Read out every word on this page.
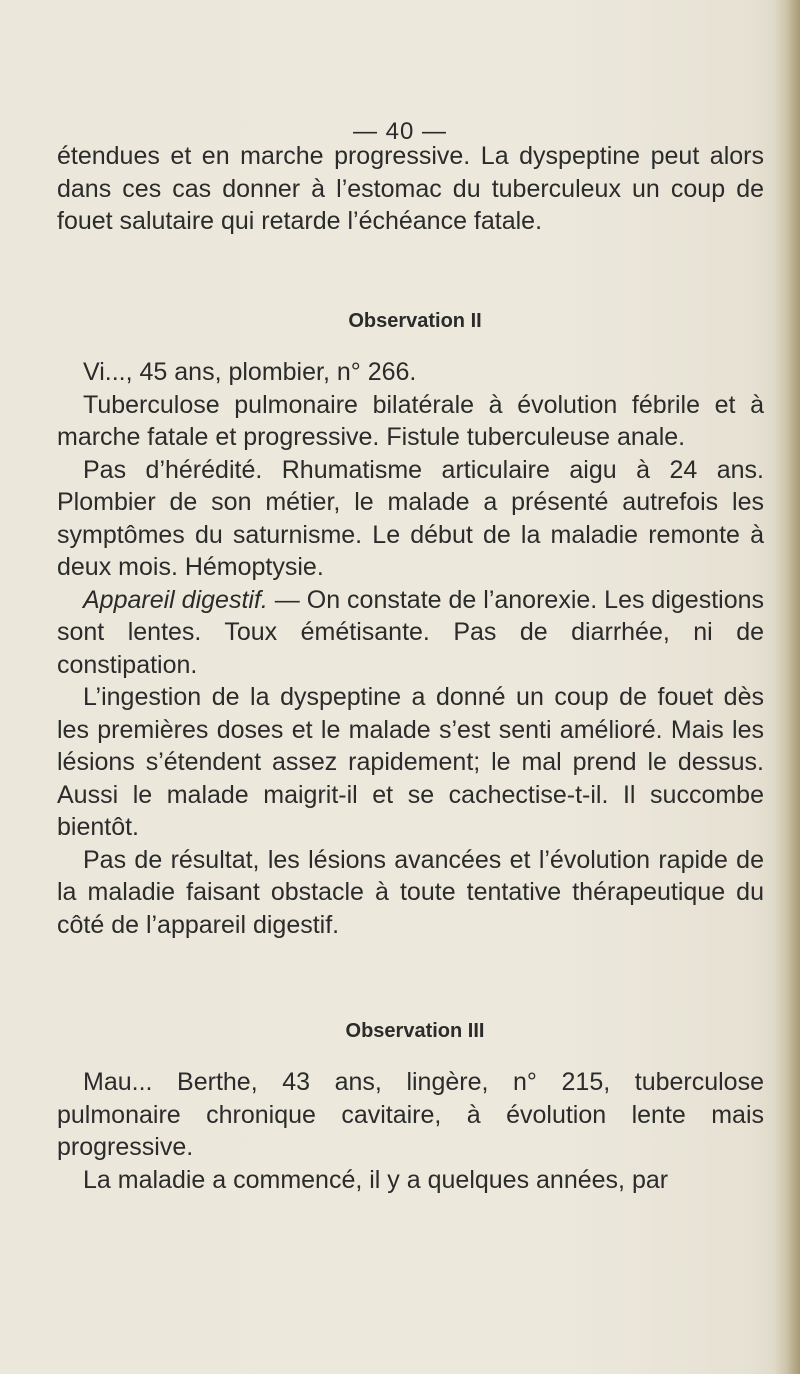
— 40 —

étendues et en marche progressive. La dyspeptine peut alors dans ces cas donner à l’estomac du tuberculeux un coup de fouet salutaire qui retarde l’échéance fatale.

Observation II

Vi..., 45 ans, plombier, n° 266.

Tuberculose pulmonaire bilatérale à évolution fébrile et à marche fatale et progressive. Fistule tuberculeuse anale.

Pas d’hérédité. Rhumatisme articulaire aigu à 24 ans. Plombier de son métier, le malade a présenté autrefois les symptômes du saturnisme. Le début de la maladie remonte à deux mois. Hémoptysie.

Appareil digestif. — On constate de l’anorexie. Les digestions sont lentes. Toux émétisante. Pas de diarrhée, ni de constipation.

L’ingestion de la dyspeptine a donné un coup de fouet dès les premières doses et le malade s’est senti amélioré. Mais les lésions s’étendent assez rapidement; le mal prend le dessus. Aussi le malade maigrit-il et se cachectise-t-il. Il succombe bientôt.

Pas de résultat, les lésions avancées et l’évolution rapide de la maladie faisant obstacle à toute tentative thérapeutique du côté de l’appareil digestif.

Observation III

Mau... Berthe, 43 ans, lingère, n° 215, tuberculose pulmonaire chronique cavitaire, à évolution lente mais progressive.

La maladie a commencé, il y a quelques années, par
